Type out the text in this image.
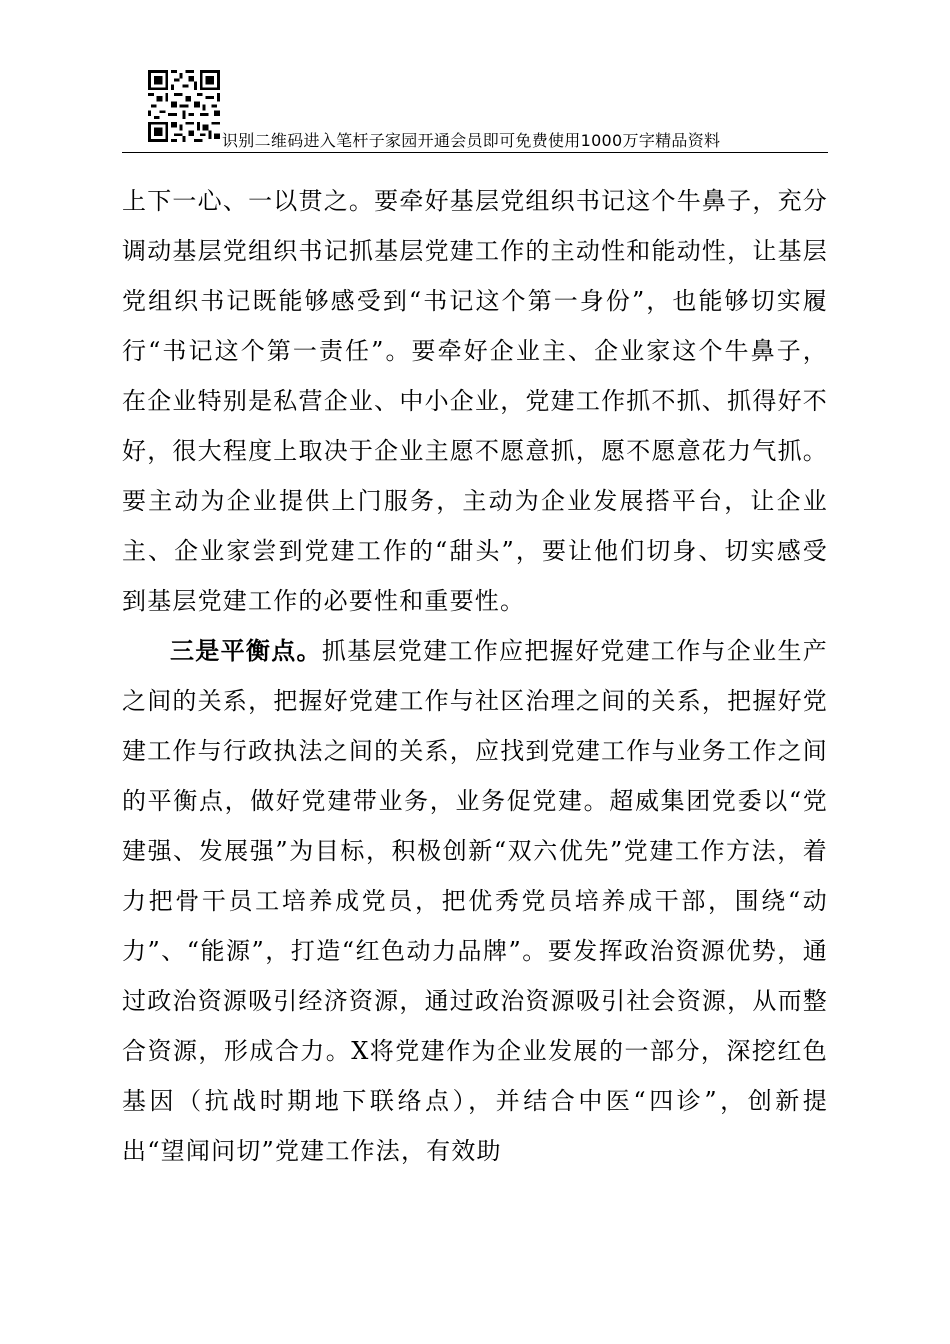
识别二维码进入笔杆子家园开通会员即可免费使用1000万字精品资料

上下一心、一以贯之。要牵好基层党组织书记这个牛鼻子，充分调动基层党组织书记抓基层党建工作的主动性和能动性，让基层党组织书记既能够感受到“书记这个第一身份”，也能够切实履行“书记这个第一责任”。要牵好企业主、企业家这个牛鼻子，在企业特别是私营企业、中小企业，党建工作抓不抓、抓得好不好，很大程度上取决于企业主愿不愿意抓，愿不愿意花力气抓。要主动为企业提供上门服务，主动为企业发展搭平台，让企业主、企业家尝到党建工作的“甜头”，要让他们切身、切实感受到基层党建工作的必要性和重要性。

三是平衡点。抓基层党建工作应把握好党建工作与企业生产之间的关系，把握好党建工作与社区治理之间的关系，把握好党建工作与行政执法之间的关系，应找到党建工作与业务工作之间的平衡点，做好党建带业务，业务促党建。超威集团党委以“党建强、发展强”为目标，积极创新“双六优先”党建工作方法，着力把骨干员工培养成党员，把优秀党员培养成干部，围绕“动力”、“能源”，打造“红色动力品牌”。要发挥政治资源优势，通过政治资源吸引经济资源，通过政治资源吸引社会资源，从而整合资源，形成合力。X将党建作为企业发展的一部分，深挖红色基因（抗战时期地下联络点），并结合中医“四诊”，创新提出“望闻问切”党建工作法，有效助
